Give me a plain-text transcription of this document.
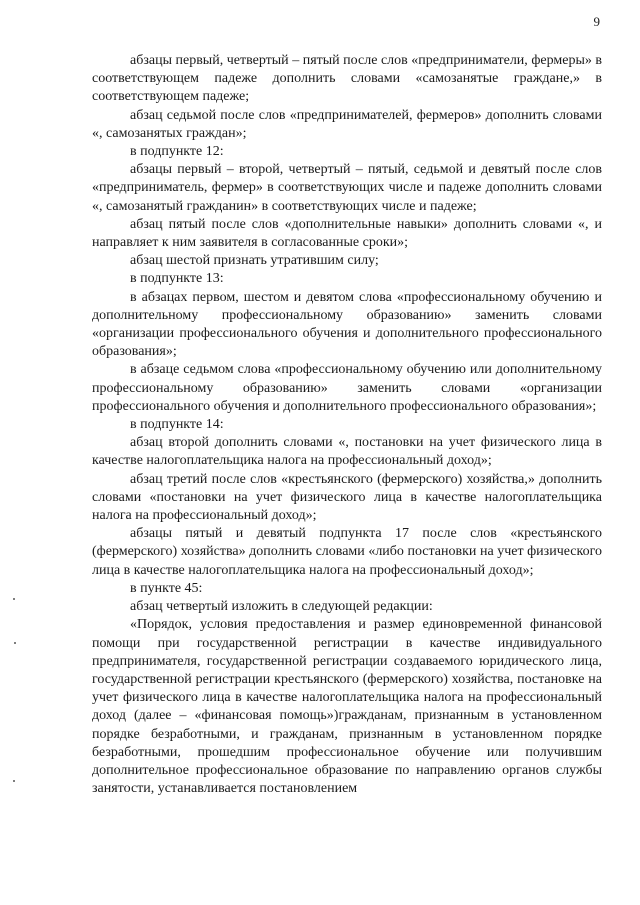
9

абзацы первый, четвертый – пятый после слов «предприниматели, фермеры» в соответствующем падеже дополнить словами «самозанятые граждане,» в соответствующем падеже;

абзац седьмой после слов «предпринимателей, фермеров» дополнить словами «, самозанятых граждан»;

в подпункте 12:

абзацы первый – второй, четвертый – пятый, седьмой и девятый после слов «предприниматель, фермер» в соответствующих числе и падеже дополнить словами «, самозанятый гражданин» в соответствующих числе и падеже;

абзац пятый после слов «дополнительные навыки» дополнить словами «, и направляет к ним заявителя в согласованные сроки»;

абзац шестой признать утратившим силу;

в подпункте 13:

в абзацах первом, шестом и девятом слова «профессиональному обучению и дополнительному профессиональному образованию» заменить словами «организации профессионального обучения и дополнительного профессионального образования»;

в абзаце седьмом слова «профессиональному обучению или дополнительному профессиональному образованию» заменить словами «организации профессионального обучения и дополнительного профессионального образования»;

в подпункте 14:

абзац второй дополнить словами «, постановки на учет физического лица в качестве налогоплательщика налога на профессиональный доход»;

абзац третий после слов «крестьянского (фермерского) хозяйства,» дополнить словами «постановки на учет физического лица в качестве налогоплательщика налога на профессиональный доход»;

абзацы пятый и девятый подпункта 17 после слов «крестьянского (фермерского) хозяйства» дополнить словами «либо постановки на учет физического лица в качестве налогоплательщика налога на профессиональный доход»;

в пункте 45:

абзац четвертый изложить в следующей редакции:

«Порядок, условия предоставления и размер единовременной финансовой помощи при государственной регистрации в качестве индивидуального предпринимателя, государственной регистрации создаваемого юридического лица, государственной регистрации крестьянского (фермерского) хозяйства, постановке на учет физического лица в качестве налогоплательщика налога на профессиональный доход (далее – «финансовая помощь»)гражданам, признанным в установленном порядке безработными, и гражданам, признанным в установленном порядке безработными, прошедшим профессиональное обучение или получившим дополнительное профессиональное образование по направлению органов службы занятости, устанавливается постановлением
